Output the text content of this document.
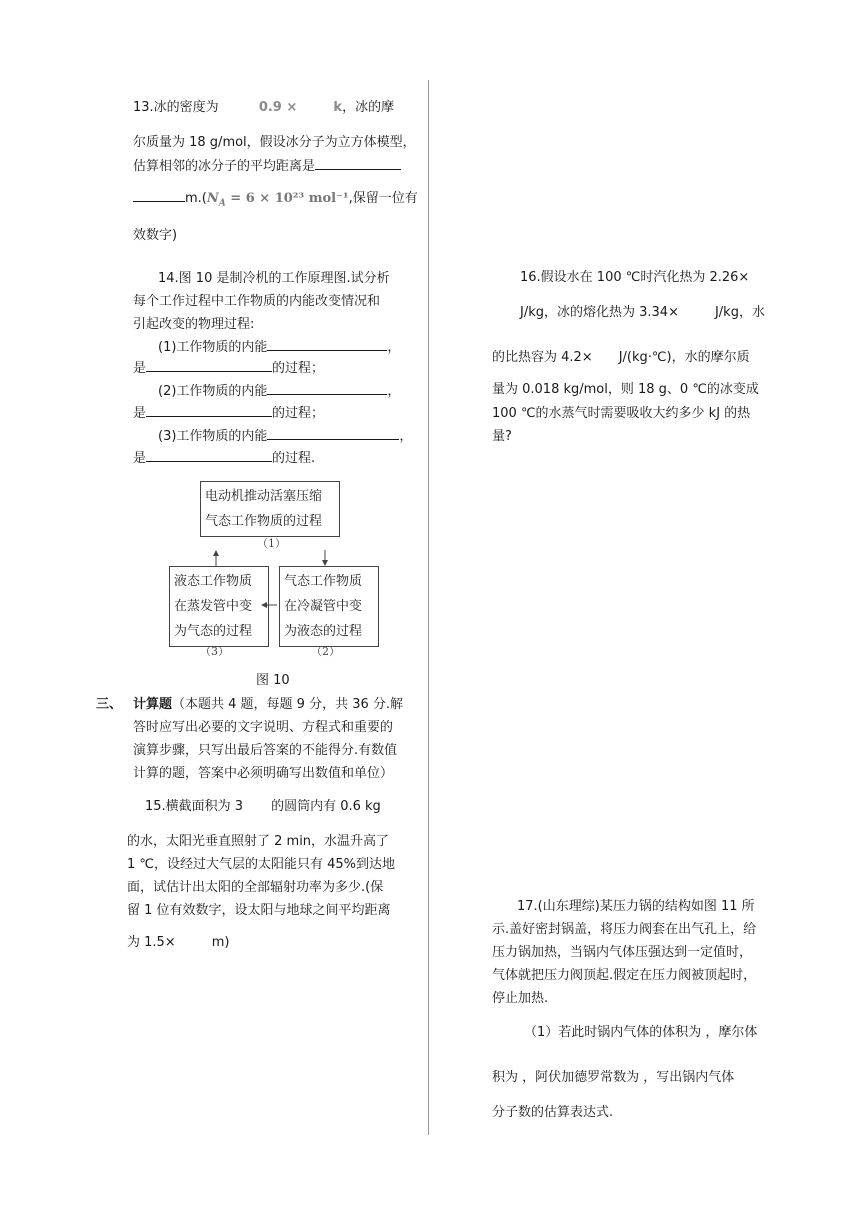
13.冰的密度为	0.9 ×	k，冰的摩
尔质量为 18 g/mol，假设冰分子为立方体模型，
估算相邻的冰分子的平均距离是
$m.(N_A = 6 \times 10^{23}$ mol⁻¹,保留一位有
效数字)
14.图 10 是制冷机的工作原理图.试分析
每个工作过程中工作物质的内能改变情况和
引起改变的物理过程:
(1)工作物质的内能	，
是	的过程；
(2)工作物质的内能	，
是	的过程；
(3)工作物质的内能	，
是	的过程.
电动机推动活塞压缩
气态工作物质的过程
（1）
液态工作物质
在蒸发管中变
为气态的过程
（3）
气态工作物质
在冷凝管中变
为液态的过程
（2）
图 10
三、 计算题（本题共 4 题，每题 9 分，共 36 分.解
答时应写出必要的文字说明、方程式和重要的
演算步骤，只写出最后答案的不能得分.有数值
计算的题，答案中必须明确写出数值和单位）
15.横截面积为 3 的圆筒内有 0.6 kg
的水，太阳光垂直照射了 2 min，水温升高了
1 ℃，设经过大气层的太阳能只有 45%到达地
面，试估计出太阳的全部辐射功率为多少.(保
留 1 位有效数字，设太阳与地球之间平均距离
为 1.5×	m)
16.假设水在 100 ℃时汽化热为 2.26×
J/kg，冰的熔化热为 3.34×	J/kg，水
的比热容为 4.2× J/(kg·℃)，水的摩尔质
量为 0.018 kg/mol，则 18 g、0 ℃的冰变成
100 ℃的水蒸气时需要吸收大约多少 kJ 的热
量?
17.(山东理综)某压力锅的结构如图 11 所
示.盖好密封锅盖，将压力阀套在出气孔上，给
压力锅加热，当锅内气体压强达到一定值时，
气体就把压力阀顶起.假定在压力阀被顶起时，
停止加热.
（1）若此时锅内气体的体积为 ，摩尔体
积为 ，阿伏加德罗常数为 ，写出锅内气体
分子数的估算表达式.
